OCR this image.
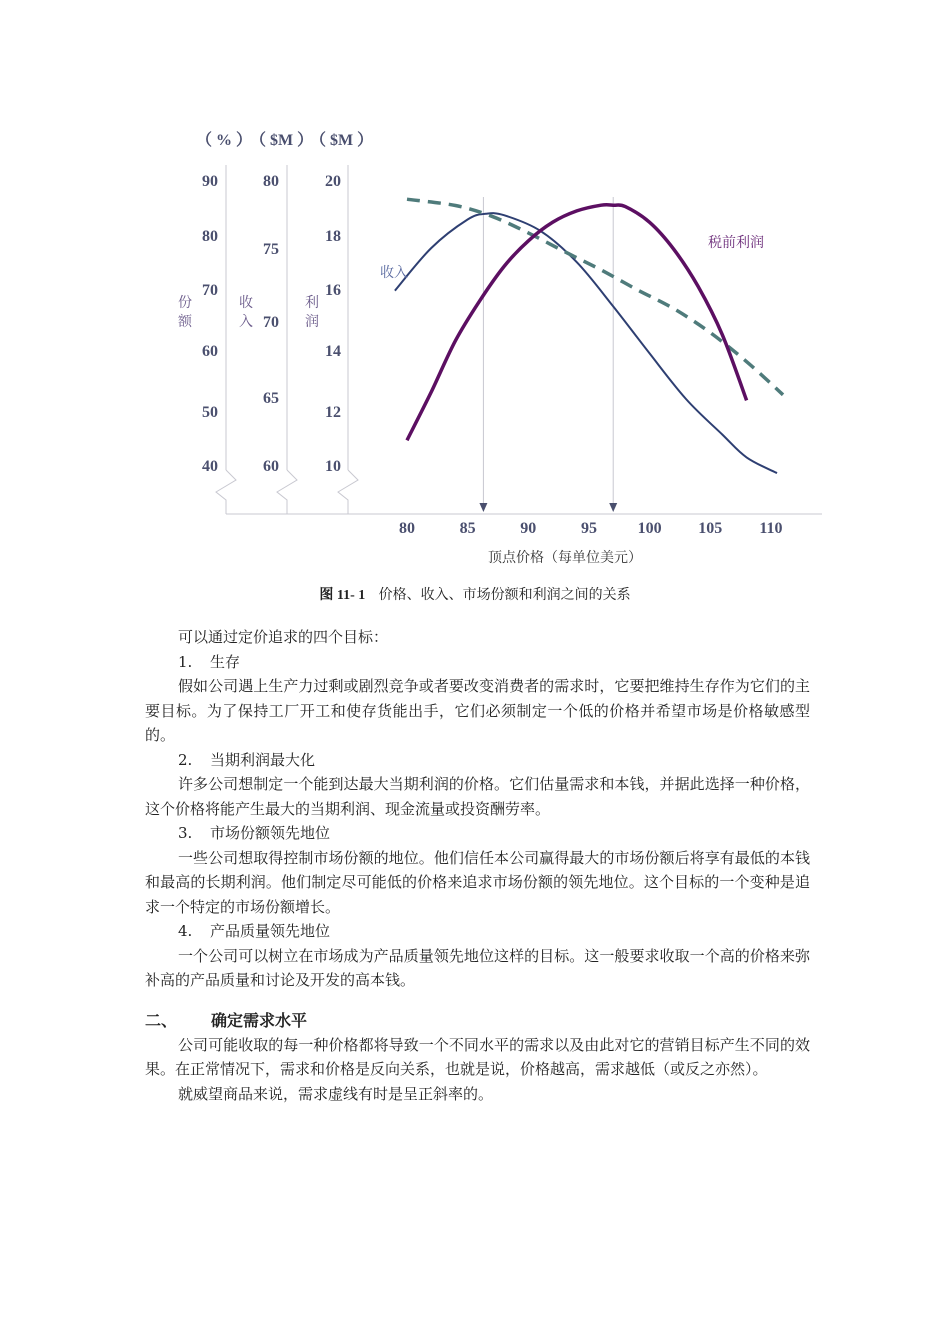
（ % ）
（ $M ）
（ $M ）
90
80
70
60
50
40
份
额
80
75
70
65
60
收
入
20
18
16
14
12
10
利
润
80	85	90	95	100 105 110
顶点价格（每单位美元）
收入
税前利润
图 11- 1 价格、收入、市场份额和利润之间的关系

可以通过定价追求的四个目标：

1. 生存

假如公司遇上生产力过剩或剧烈竞争或者要改变消费者的需求时，它要把维持生存作为它们的主要目标。为了保持工厂开工和使存货能出手，它们必须制定一个低的价格并希望市场是价格敏感型的。

2. 当期利润最大化

许多公司想制定一个能到达最大当期利润的价格。它们估量需求和本钱，并据此选择一种价格，这个价格将能产生最大的当期利润、现金流量或投资酬劳率。

3. 市场份额领先地位

一些公司想取得控制市场份额的地位。他们信任本公司赢得最大的市场份额后将享有最低的本钱和最高的长期利润。他们制定尽可能低的价格来追求市场份额的领先地位。这个目标的一个变种是追求一个特定的市场份额增长。

4. 产品质量领先地位

一个公司可以树立在市场成为产品质量领先地位这样的目标。这一般要求收取一个高的价格来弥补高的产品质量和讨论及开发的高本钱。

二、 确定需求水平

公司可能收取的每一种价格都将导致一个不同水平的需求以及由此对它的营销目标产生不同的效果。在正常情况下，需求和价格是反向关系，也就是说，价格越高，需求越低（或反之亦然）。

就威望商品来说，需求虚线有时是呈正斜率的。
